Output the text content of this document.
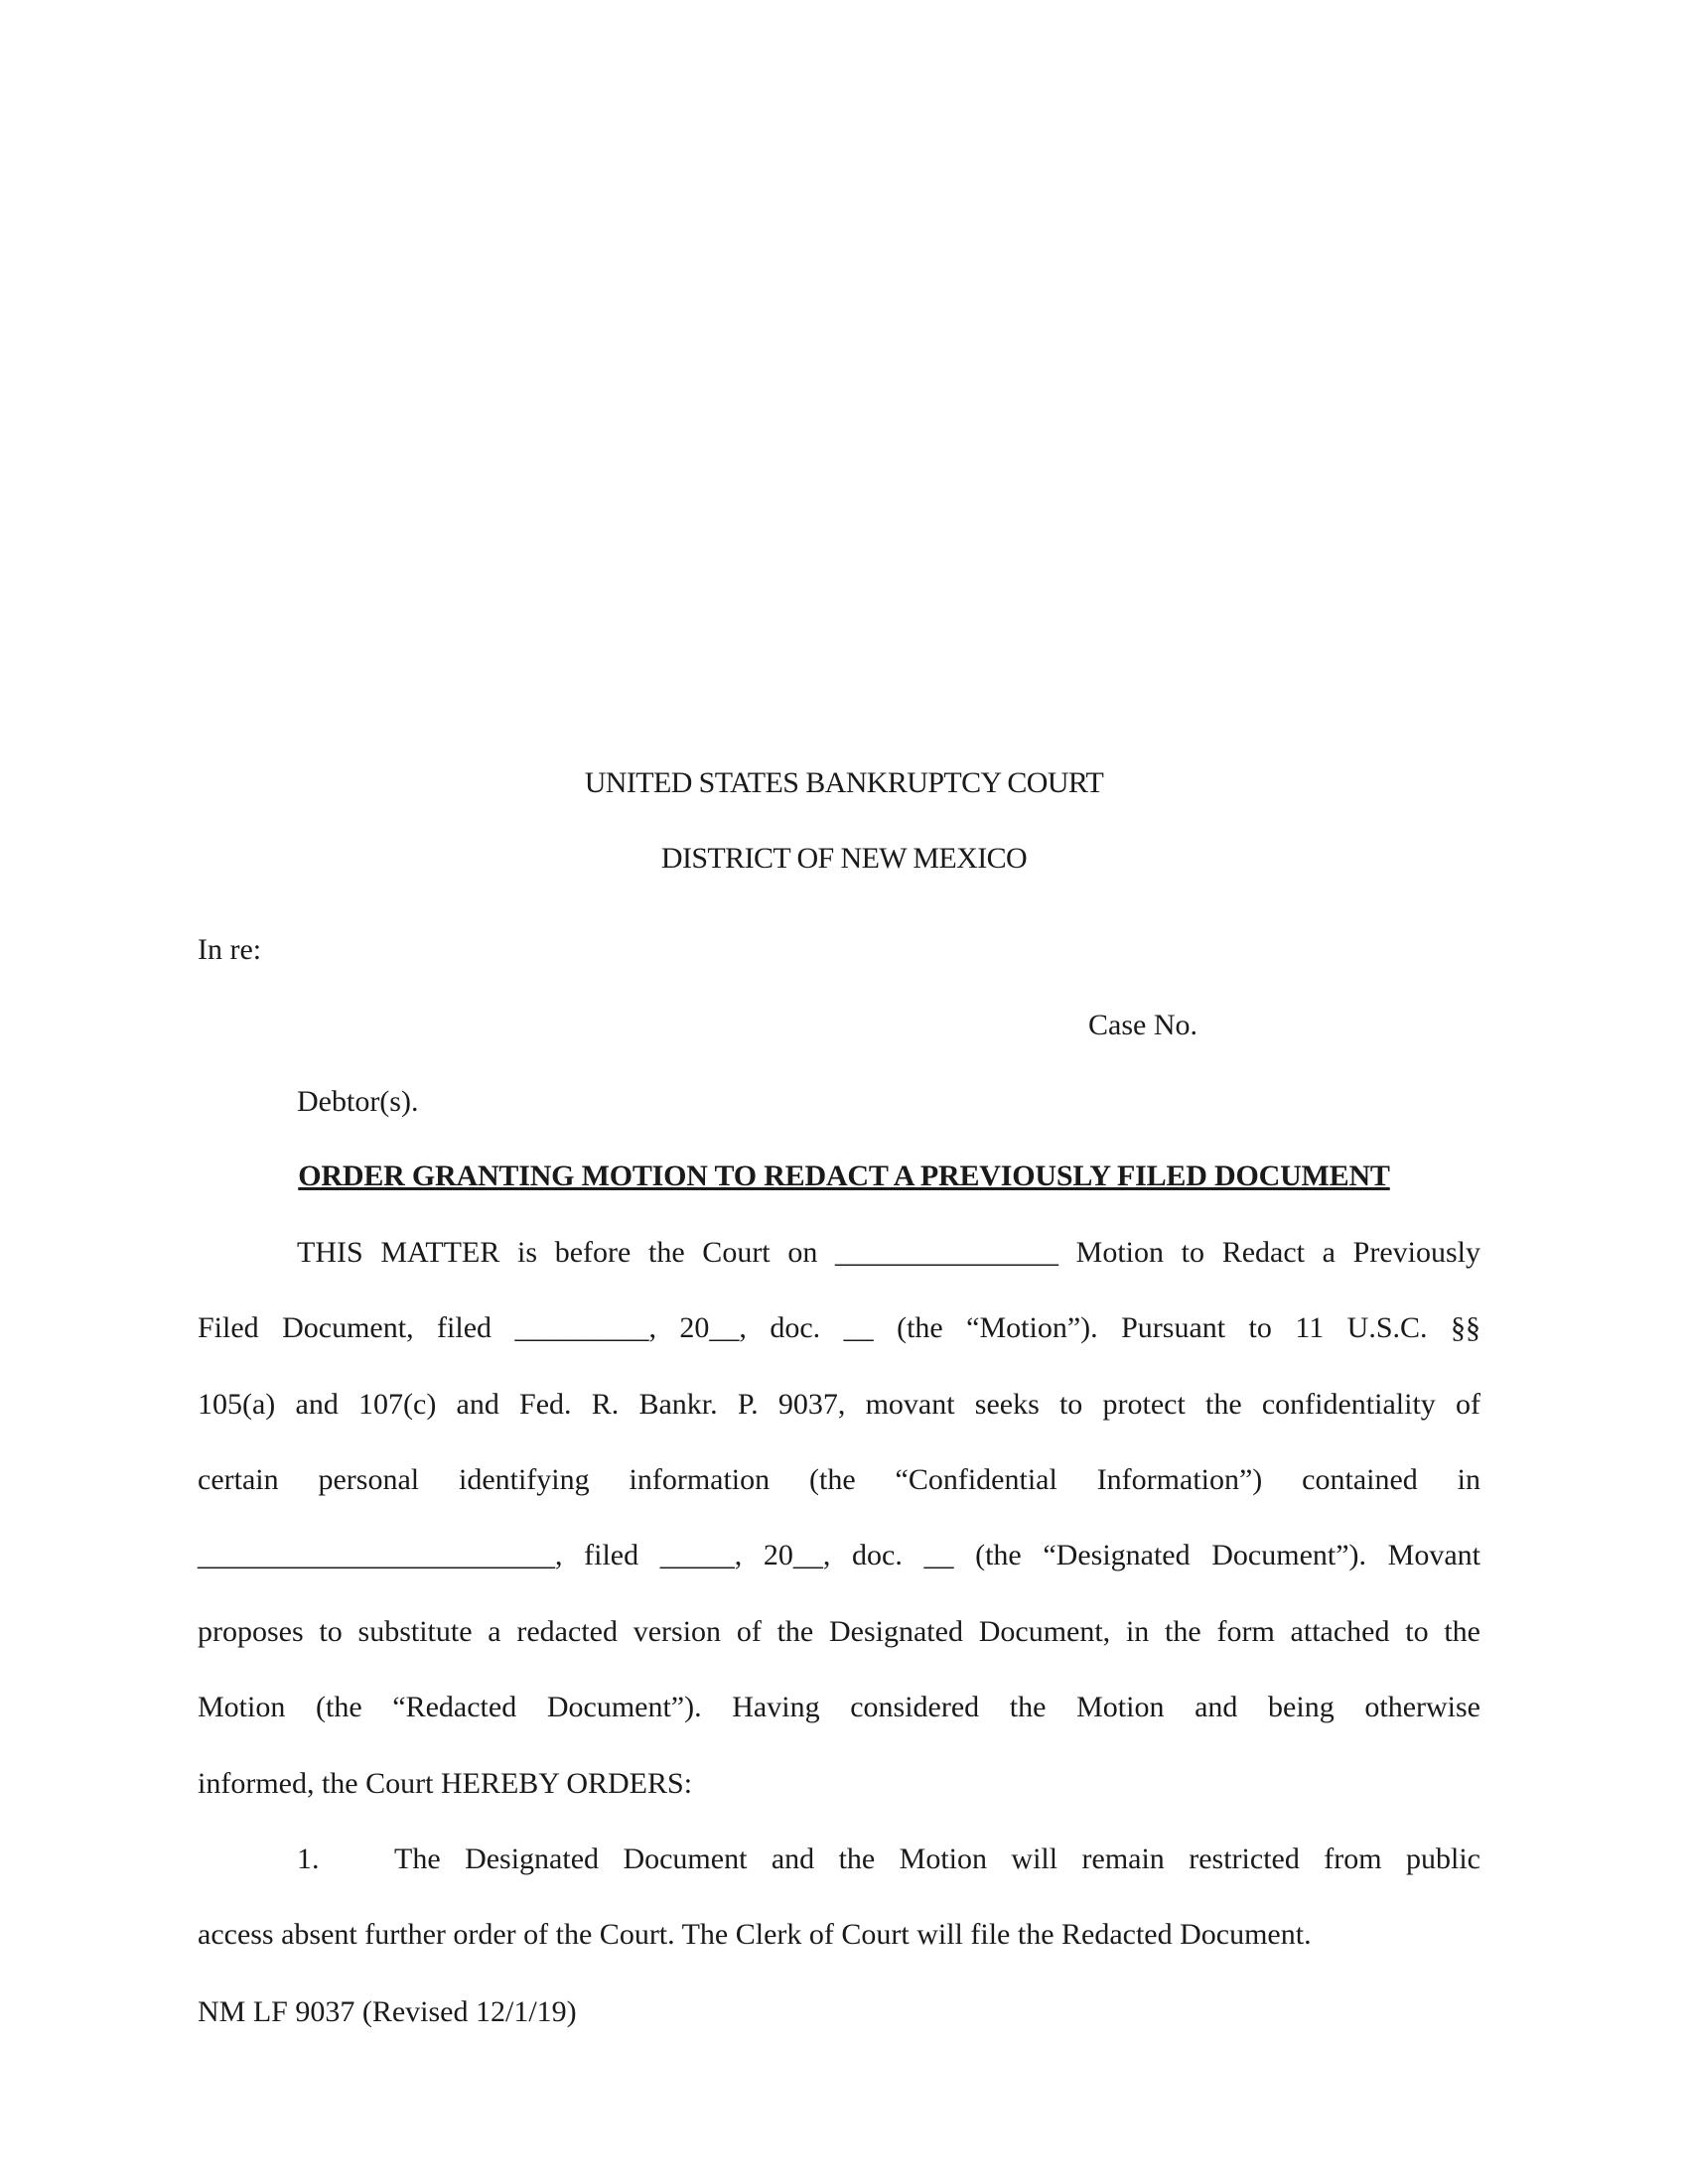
UNITED STATES BANKRUPTCY COURT
DISTRICT OF NEW MEXICO
In re:
Case No.
Debtor(s).
ORDER GRANTING MOTION TO REDACT A PREVIOUSLY FILED DOCUMENT
THIS MATTER is before the Court on _______________ Motion to Redact a Previously
Filed Document, filed _________, 20__, doc. __ (the “Motion”). Pursuant to 11 U.S.C. §§
105(a) and 107(c) and Fed. R. Bankr. P. 9037, movant seeks to protect the confidentiality of
certain personal identifying information (the “Confidential Information”) contained in
________________________, filed _____, 20__, doc. __ (the “Designated Document”). Movant
proposes to substitute a redacted version of the Designated Document, in the form attached to the
Motion (the “Redacted Document”). Having considered the Motion and being otherwise
informed, the Court HEREBY ORDERS:
1.	The Designated Document and the Motion will remain restricted from public
access absent further order of the Court. The Clerk of Court will file the Redacted Document.
NM LF 9037 (Revised 12/1/19)
